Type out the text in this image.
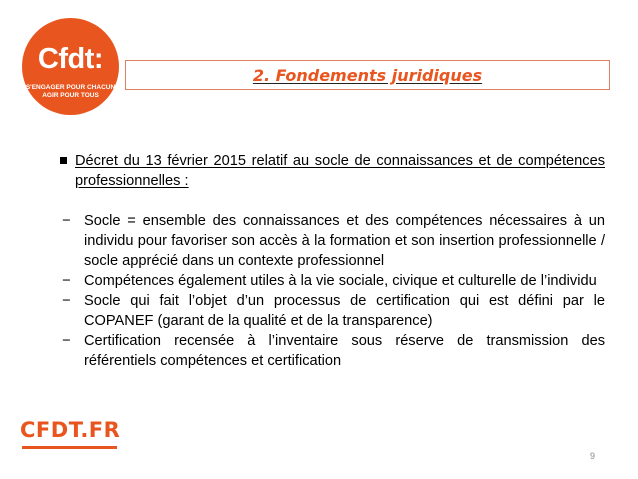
Cfdt:
S'ENGAGER POUR CHACUN
AGIR POUR TOUS
2. Fondements juridiques
Décret du 13 février 2015 relatif au socle de connaissances et de compétences professionnelles :
− Socle = ensemble des connaissances et des compétences nécessaires à un individu pour favoriser son accès à la formation et son insertion professionnelle / socle apprécié dans un contexte professionnel
− Compétences également utiles à la vie sociale, civique et culturelle de l’individu
− Socle qui fait l’objet d’un processus de certification qui est défini par le COPANEF (garant de la qualité et de la transparence)
− Certification recensée à l’inventaire sous réserve de transmission des référentiels compétences et certification
CFDT.FR
9
